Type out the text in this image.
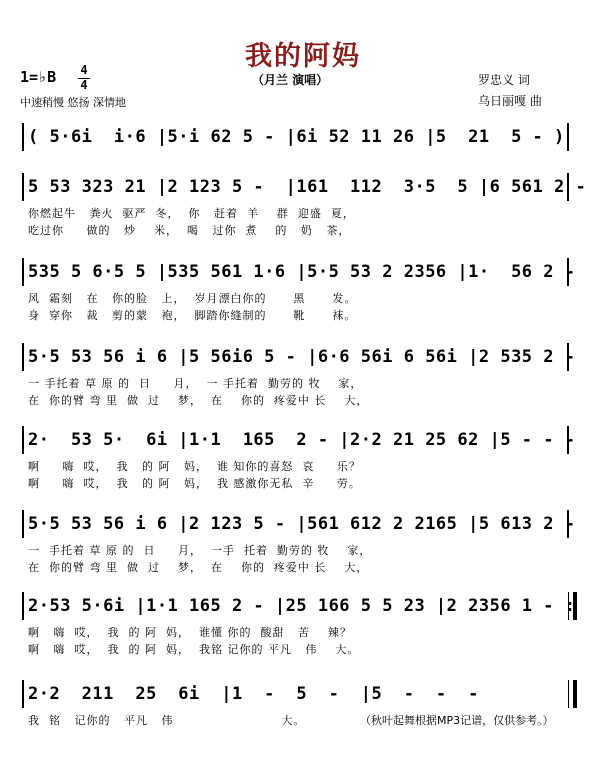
我的阿妈
1=♭B 4
4	（月兰 演唱）
中速稍慢 悠扬 深情地
罗忠义 词
乌日丽嘎 曲
( 5·6i  i·6 |5·i 62 5 - |6i 52 11 26 |5  21  5 - )
5 53 323 21 |2 123 5 -  |161  112  3·5  5 |6 561 2 -
你燃起牛   粪火  驱严  冬，  你   赶着  羊    群  迎盛  夏，
吃过你     做的   炒    米，  喝   过你  煮    的   奶   茶，
535 5 6·5 5 |535 561 1·6 |5·5 53 2 2356 |1·  56 2 -
风  霜刻   在   你的脸   上，  岁月漂白你的      黑      发。
身  穿你   裁   剪的蒙   袍，  脚踏你缝制的      靴      袜。
5·5 53 56 i 6 |5 56i6 5 - |6·6 56i 6 56i |2 535 2 -
一 手托着 草 原 的  日     月，  一 手托着  勤劳的 牧    家，
在  你的臂 弯 里  做  过    梦，  在    你的  疼爱中 长    大，
2·  53 5·  6i |1·1  165  2 - |2·2 21 25 62 |5 - - -
啊     嗨  哎，  我   的 阿   妈，  谁 知你的喜怒  哀     乐？
啊     嗨  哎，  我   的 阿   妈，  我 感激你无私  辛     劳。
5·5 53 56 i 6 |2 123 5 - |561 612 2 2165 |5 613 2 -
一  手托着 草 原 的  日     月，  一手  托着  勤劳的 牧    家，
在  你的臂 弯 里  做  过    梦，  在    你的  疼爱中 长    大，
2·53 5·6i |1·1 165 2 - |25 166 5 5 23 |2 2356 1 - :
啊   嗨  哎，  我  的 阿  妈，  谁懂 你的  酸甜   苦    辣？
啊   嗨  哎，  我  的 阿  妈，  我铭 记你的 平凡   伟    大。
2·2  211  25  6i  |1  -  5  -  |5  -  -  -
我  铭   记你的   平凡   伟                        大。	（秋叶起舞根据MP3记谱，仅供参考。）
